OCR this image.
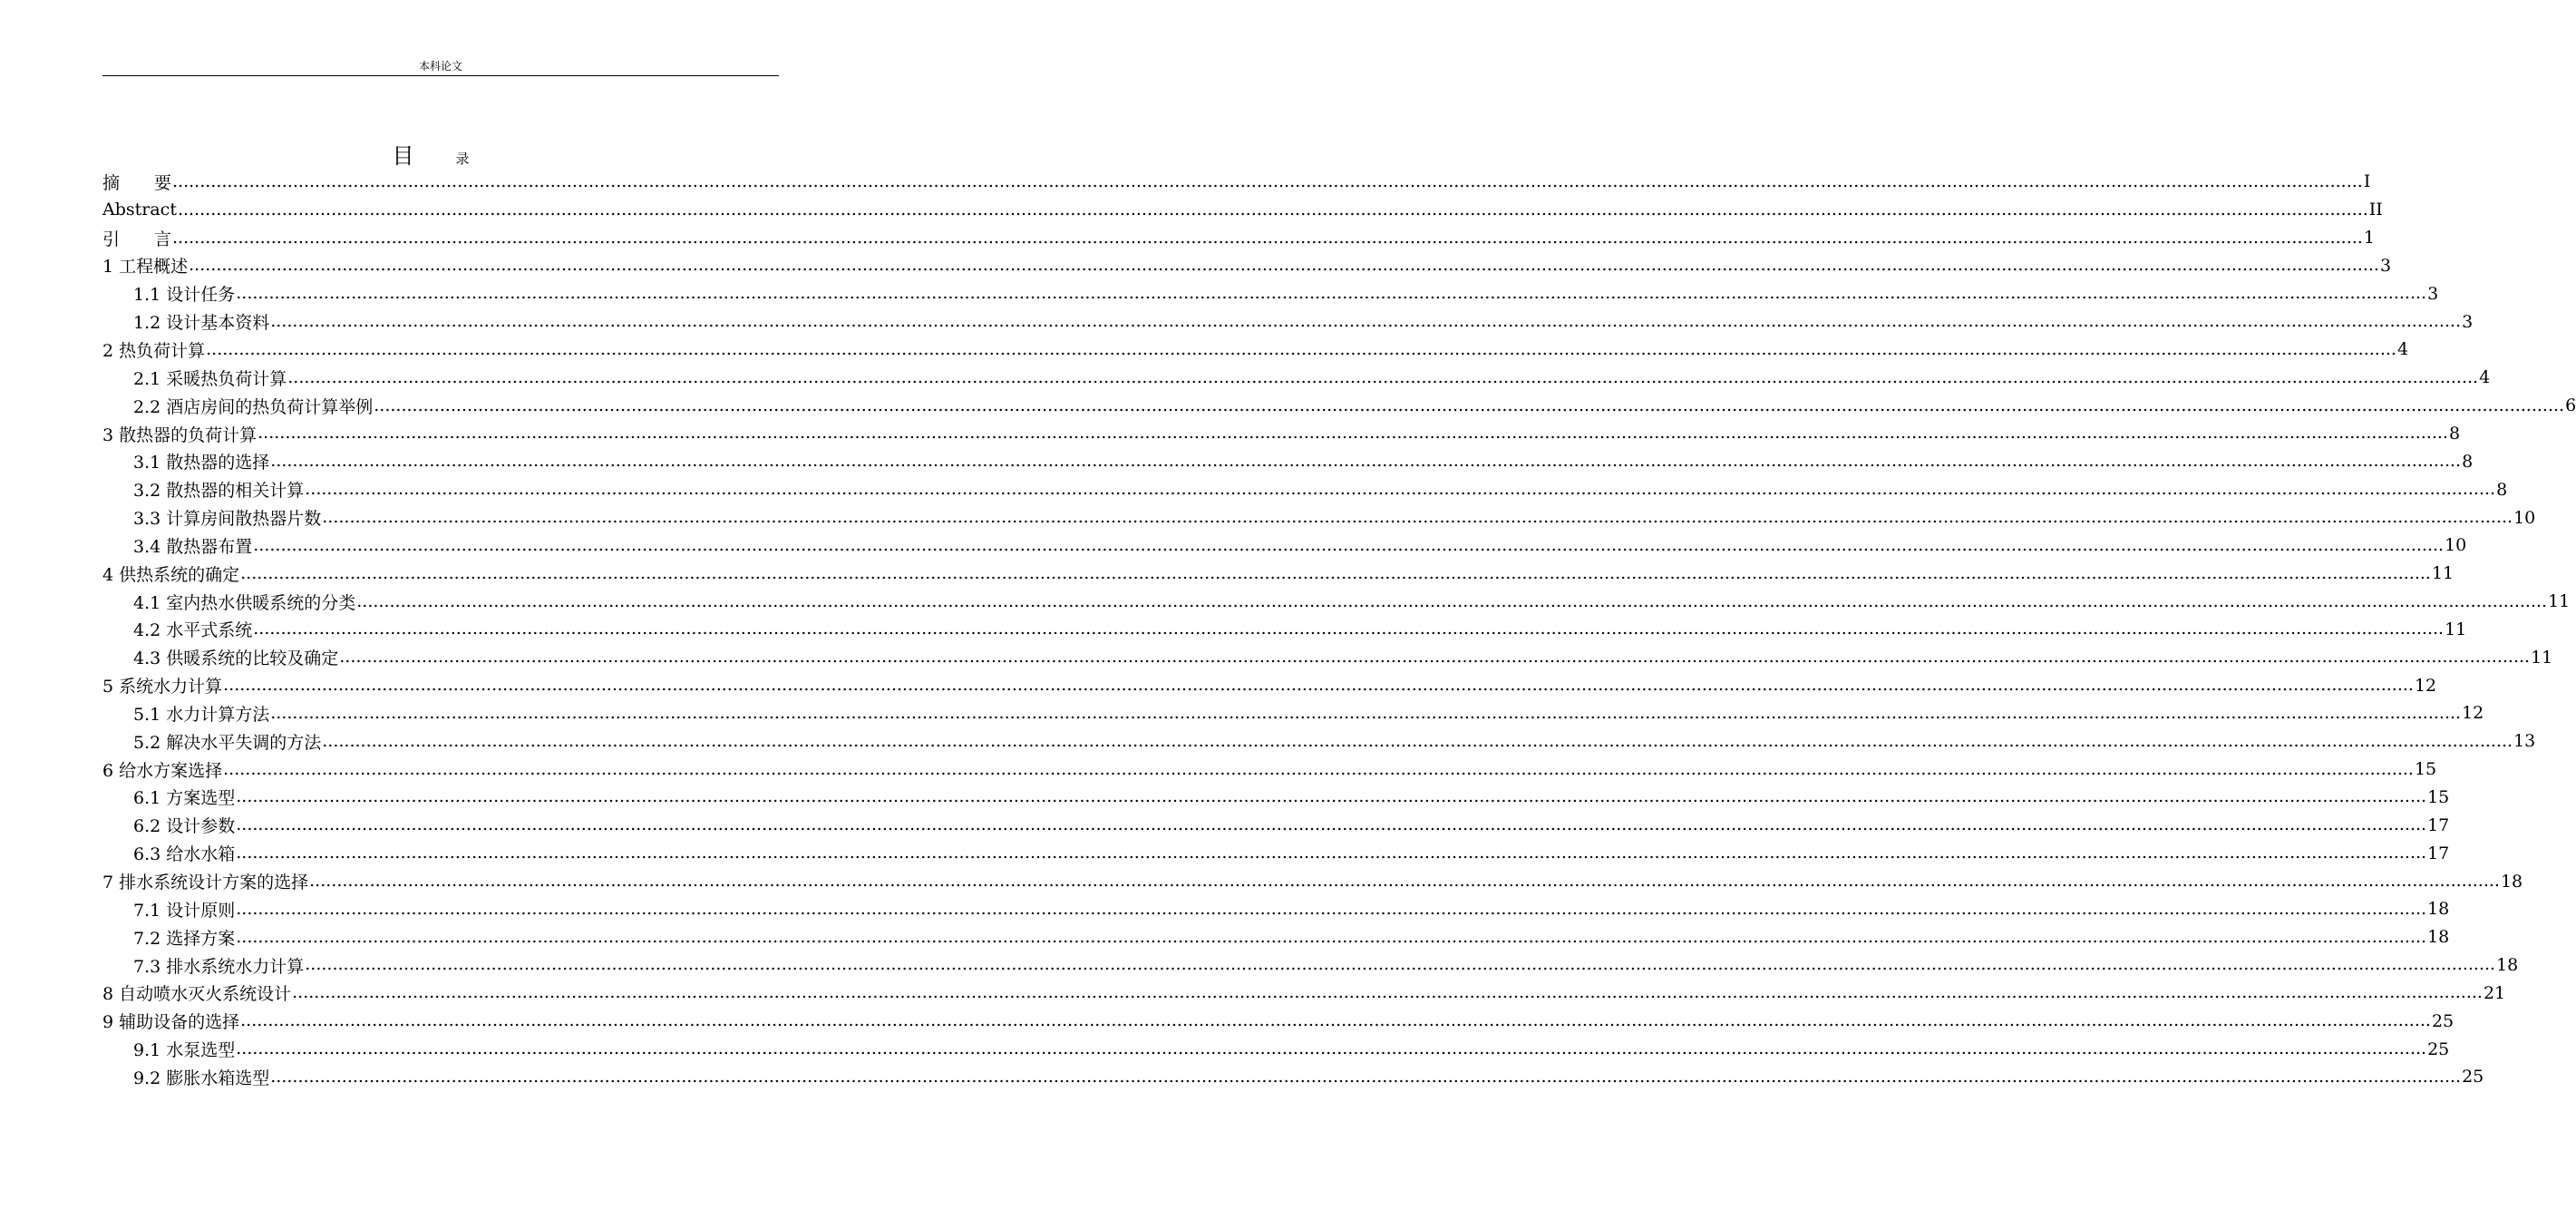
本科论文
目	录
摘　　要 ................................................................................................................................................................................................................................................................................................................................................................................................................ I
Abstract ................................................................................................................................................................................................................................................................................................................................................................................................................ II
引　　言 ................................................................................................................................................................................................................................................................................................................................................................................................................ 1
1 工程概述 ................................................................................................................................................................................................................................................................................................................................................................................................................ 3
1.1 设计任务 ................................................................................................................................................................................................................................................................................................................................................................................................................ 3
1.2 设计基本资料 ................................................................................................................................................................................................................................................................................................................................................................................................................ 3
2 热负荷计算 ................................................................................................................................................................................................................................................................................................................................................................................................................ 4
2.1 采暖热负荷计算 ................................................................................................................................................................................................................................................................................................................................................................................................................ 4
2.2 酒店房间的热负荷计算举例 ................................................................................................................................................................................................................................................................................................................................................................................................................ 6
3 散热器的负荷计算 ................................................................................................................................................................................................................................................................................................................................................................................................................ 8
3.1 散热器的选择 ................................................................................................................................................................................................................................................................................................................................................................................................................ 8
3.2 散热器的相关计算 ................................................................................................................................................................................................................................................................................................................................................................................................................ 8
3.3 计算房间散热器片数 ................................................................................................................................................................................................................................................................................................................................................................................................................ 10
3.4 散热器布置 ................................................................................................................................................................................................................................................................................................................................................................................................................ 10
4 供热系统的确定 ................................................................................................................................................................................................................................................................................................................................................................................................................ 11
4.1 室内热水供暖系统的分类 ................................................................................................................................................................................................................................................................................................................................................................................................................ 11
4.2 水平式系统 ................................................................................................................................................................................................................................................................................................................................................................................................................ 11
4.3 供暖系统的比较及确定 ................................................................................................................................................................................................................................................................................................................................................................................................................ 11
5 系统水力计算 ................................................................................................................................................................................................................................................................................................................................................................................................................ 12
5.1 水力计算方法 ................................................................................................................................................................................................................................................................................................................................................................................................................ 12
5.2 解决水平失调的方法 ................................................................................................................................................................................................................................................................................................................................................................................................................ 13
6 给水方案选择 ................................................................................................................................................................................................................................................................................................................................................................................................................ 15
6.1 方案选型 ................................................................................................................................................................................................................................................................................................................................................................................................................ 15
6.2 设计参数 ................................................................................................................................................................................................................................................................................................................................................................................................................ 17
6.3 给水水箱 ................................................................................................................................................................................................................................................................................................................................................................................................................ 17
7 排水系统设计方案的选择 ................................................................................................................................................................................................................................................................................................................................................................................................................ 18
7.1 设计原则 ................................................................................................................................................................................................................................................................................................................................................................................................................ 18
7.2 选择方案 ................................................................................................................................................................................................................................................................................................................................................................................................................ 18
7.3 排水系统水力计算 ................................................................................................................................................................................................................................................................................................................................................................................................................ 18
8 自动喷水灭火系统设计 ................................................................................................................................................................................................................................................................................................................................................................................................................ 21
9 辅助设备的选择 ................................................................................................................................................................................................................................................................................................................................................................................................................ 25
9.1 水泵选型 ................................................................................................................................................................................................................................................................................................................................................................................................................ 25
9.2 膨胀水箱选型 ................................................................................................................................................................................................................................................................................................................................................................................................................ 25
